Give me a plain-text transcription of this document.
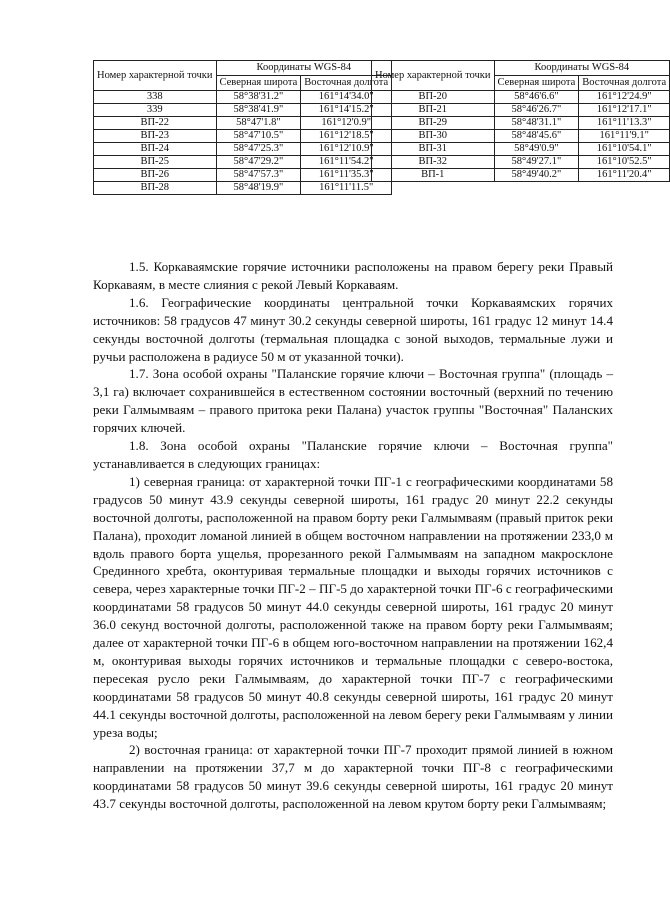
Номер характерной точки	Координаты WGS-84	
	Северная широта	Восточная долгота
338	58°38'31.2"	161°14'34.0"
339	58°38'41.9"	161°14'15.2"
ВП-22	58°47'1.8"	161°12'0.9"
ВП-23	58°47'10.5"	161°12'18.5"
ВП-24	58°47'25.3"	161°12'10.9"
ВП-25	58°47'29.2"	161°11'54.2"
ВП-26	58°47'57.3"	161°11'35.3"
ВП-28	58°48'19.9"	161°11'11.5"
Номер характерной точки	Координаты WGS-84	
	Северная широта	Восточная долгота
ВП-20	58°46'6.6"	161°12'24.9"
ВП-21	58°46'26.7"	161°12'17.1"
ВП-29	58°48'31.1"	161°11'13.3"
ВП-30	58°48'45.6"	161°11'9.1"
ВП-31	58°49'0.9"	161°10'54.1"
ВП-32	58°49'27.1"	161°10'52.5"
ВП-1	58°49'40.2"	161°11'20.4"

1.5. Коркаваямские горячие источники расположены на правом берегу реки Правый Коркаваям, в месте слияния с рекой Левый Коркаваям.

1.6. Географические координаты центральной точки Коркаваямских горячих источников: 58 градусов 47 минут 30.2 секунды северной широты, 161 градус 12 минут 14.4 секунды восточной долготы (термальная площадка с зоной выходов, термальные лужи и ручьи расположена в радиусе 50 м от указанной точки).

1.7. Зона особой охраны "Паланские горячие ключи – Восточная группа" (площадь – 3,1 га) включает сохранившейся в естественном состоянии восточный (верхний по течению реки Галмымваям – правого притока реки Палана) участок группы "Восточная" Паланских горячих ключей.

1.8. Зона особой охраны "Паланские горячие ключи – Восточная группа" устанавливается в следующих границах:

1) северная граница: от характерной точки ПГ-1 с географическими координатами 58 градусов 50 минут 43.9 секунды северной широты, 161 градус 20 минут 22.2 секунды восточной долготы, расположенной на правом борту реки Галмымваям (правый приток реки Палана), проходит ломаной линией в общем восточном направлении на протяжении 233,0 м вдоль правого борта ущелья, прорезанного рекой Галмымваям на западном макросклоне Срединного хребта, оконтуривая термальные площадки и выходы горячих источников с севера, через характерные точки ПГ-2 – ПГ-5 до характерной точки ПГ-6 с географическими координатами 58 градусов 50 минут 44.0 секунды северной широты, 161 градус 20 минут 36.0 секунд восточной долготы, расположенной также на правом борту реки Галмымваям; далее от характерной точки ПГ-6 в общем юго-восточном направлении на протяжении 162,4 м, оконтуривая выходы горячих источников и термальные площадки с северо-востока, пересекая русло реки Галмымваям, до характерной точки ПГ-7 с географическими координатами 58 градусов 50 минут 40.8 секунды северной широты, 161 градус 20 минут 44.1 секунды восточной долготы, расположенной на левом берегу реки Галмымваям у линии уреза воды;

2) восточная граница: от характерной точки ПГ-7 проходит прямой линией в южном направлении на протяжении 37,7 м до характерной точки ПГ-8 с географическими координатами 58 градусов 50 минут 39.6 секунды северной широты, 161 градус 20 минут 43.7 секунды восточной долготы, расположенной на левом крутом борту реки Галмымваям;
